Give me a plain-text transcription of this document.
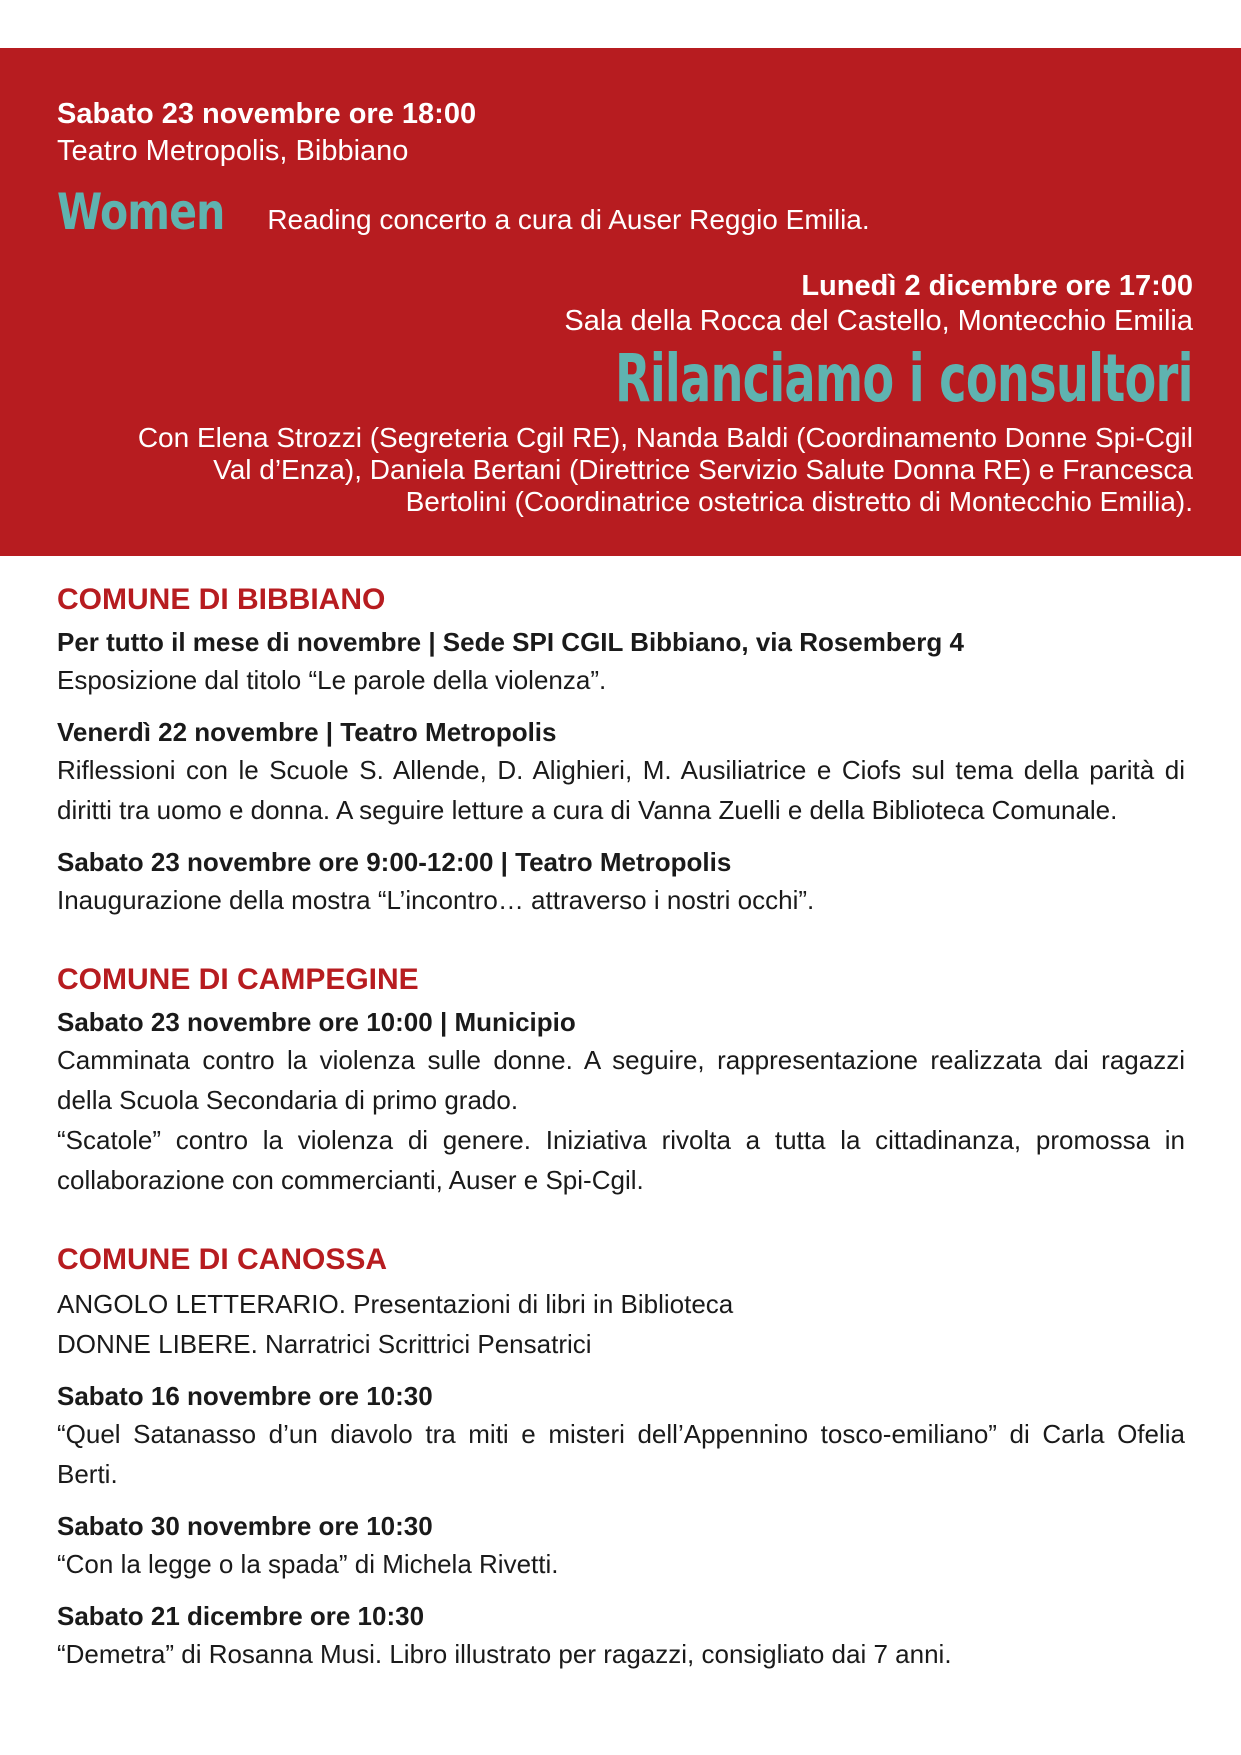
Sabato 23 novembre ore 18:00

Teatro Metropolis, Bibbiano

Women Reading concerto a cura di Auser Reggio Emilia.

Lunedì 2 dicembre ore 17:00

Sala della Rocca del Castello, Montecchio Emilia

Rilanciamo i consultori

Con Elena Strozzi (Segreteria Cgil RE), Nanda Baldi (Coordinamento Donne Spi-Cgil Val d’Enza), Daniela Bertani (Direttrice Servizio Salute Donna RE) e Francesca Bertolini (Coordinatrice ostetrica distretto di Montecchio Emilia).

COMUNE DI BIBBIANO

Per tutto il mese di novembre | Sede SPI CGIL Bibbiano, via Rosemberg 4

Esposizione dal titolo “Le parole della violenza”.

Venerdì 22 novembre | Teatro Metropolis

Riflessioni con le Scuole S. Allende, D. Alighieri, M. Ausiliatrice e Ciofs sul tema della parità di diritti tra uomo e donna. A seguire letture a cura di Vanna Zuelli e della Biblioteca Comunale.

Sabato 23 novembre ore 9:00-12:00 | Teatro Metropolis

Inaugurazione della mostra “L’incontro… attraverso i nostri occhi”.

COMUNE DI CAMPEGINE

Sabato 23 novembre ore 10:00 | Municipio

Camminata contro la violenza sulle donne. A seguire, rappresentazione realizzata dai ragazzi della Scuola Secondaria di primo grado.

“Scatole” contro la violenza di genere. Iniziativa rivolta a tutta la cittadinanza, promossa in collaborazione con commercianti, Auser e Spi-Cgil.

COMUNE DI CANOSSA

ANGOLO LETTERARIO. Presentazioni di libri in Biblioteca

DONNE LIBERE. Narratrici Scrittrici Pensatrici

Sabato 16 novembre ore 10:30

“Quel Satanasso d’un diavolo tra miti e misteri dell’Appennino tosco-emiliano” di Carla Ofelia Berti.

Sabato 30 novembre ore 10:30

“Con la legge o la spada” di Michela Rivetti.

Sabato 21 dicembre ore 10:30

“Demetra” di Rosanna Musi. Libro illustrato per ragazzi, consigliato dai 7 anni.
